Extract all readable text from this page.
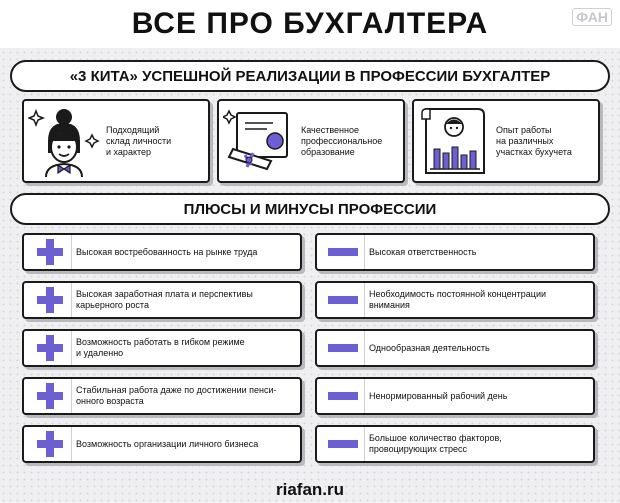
ВСЕ ПРО БУХГАЛТЕРА	ФАН
«3 КИТА» УСПЕШНОЙ РЕАЛИЗАЦИИ В ПРОФЕССИИ БУХГАЛТЕР
Подходящий
склад личности
и характер
Качественное
профессиональное
образование
Опыт работы
на различных
участках бухучета
ПЛЮСЫ И МИНУСЫ ПРОФЕССИИ
Высокая востребованность на рынке труда
Высокая заработная плата и перспективы
карьерного роста
Возможность работать в гибком режиме
и удаленно
Стабильная работа даже по достижении пенси-
онного возраста
Возможность организации личного бизнеса
Высокая ответственность
Необходимость постоянной концентрации
внимания
Однообразная деятельность
Ненормированный рабочий день
Большое количество факторов,
провоцирующих стресс
riafan.ru
